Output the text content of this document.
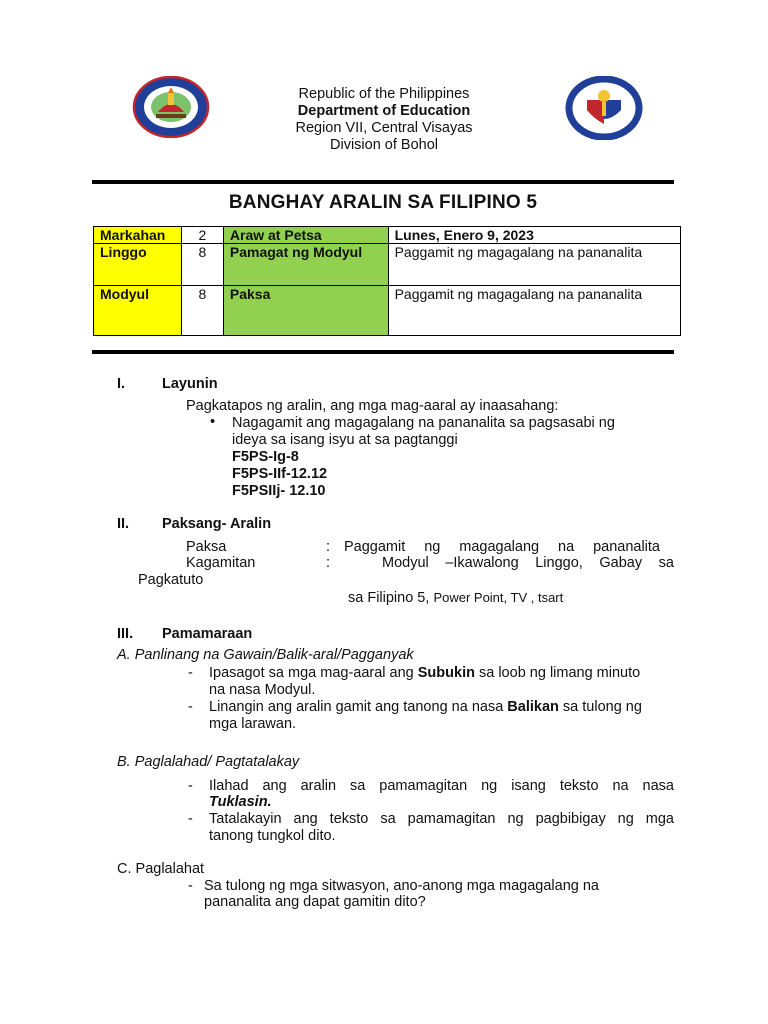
Republic of the Philippines
Department of Education
Region VII, Central Visayas
Division of Bohol
BANGHAY ARALIN SA FILIPINO 5
Markahan	2	Araw at Petsa	Lunes, Enero 9, 2023
Linggo	8	Pamagat ng Modyul	Paggamit ng magagalang na pananalita
Modyul	8	Paksa	Paggamit ng magagalang na pananalita
I.	Layunin
Pagkatapos ng aralin, ang mga mag-aaral ay inaasahang:
• Nagagamit ang magagalang na pananalita sa pagsasabi ng
ideya sa isang isyu at sa pagtanggi
F5PS-Ig-8
F5PS-IIf-12.12
F5PSIIj- 12.10
II. Paksang- Aralin
Paksa	: Paggamit ng magagalang na pananalita
Kagamitan	:	Modyul –Ikawalong Linggo, Gabay sa
Pagkatuto
sa Filipino 5, Power Point, TV , tsart
III. Pamamaraan
A. Panlinang na Gawain/Balik-aral/Pagganyak
- Ipasagot sa mga mag-aaral ang Subukin sa loob ng limang minuto
na nasa Modyul.
- Linangin ang aralin gamit ang tanong na nasa Balikan sa tulong ng
mga larawan.
B. Paglalahad/ Pagtatalakay
- Ilahad ang aralin sa pamamagitan ng isang teksto na nasa
Tuklasin.
- Tatalakayin ang teksto sa pamamagitan ng pagbibigay ng mga
tanong tungkol dito.
C. Paglalahat
- Sa tulong ng mga sitwasyon, ano-anong mga magagalang na
pananalita ang dapat gamitin dito?
